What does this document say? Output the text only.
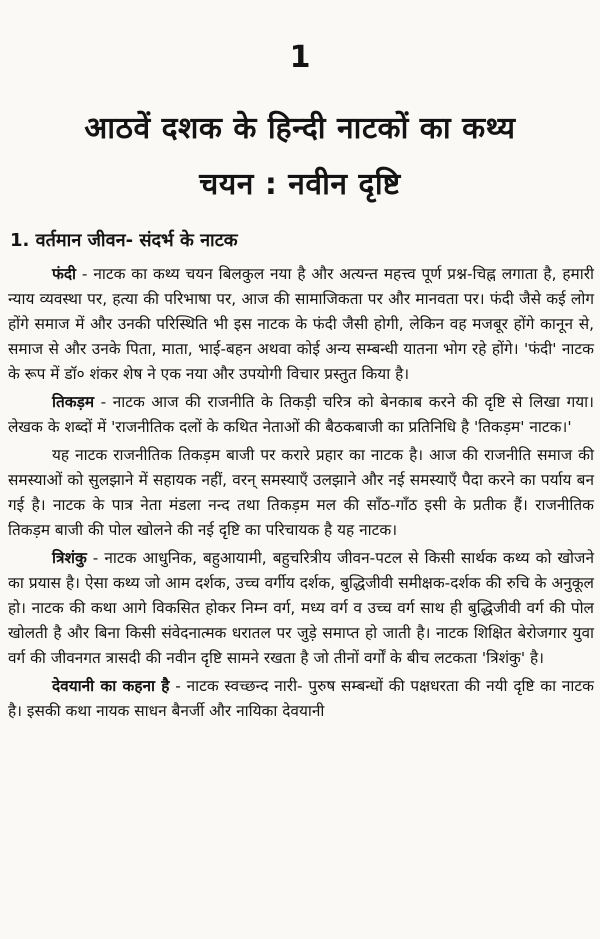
1
आठवें दशक के हिन्दी नाटकों का कथ्य
चयन : नवीन दृष्टि
1. वर्तमान जीवन- संदर्भ के नाटक

फंदी - नाटक का कथ्य चयन बिलकुल नया है और अत्यन्त महत्त्व पूर्ण प्रश्न-चिह्न लगाता है, हमारी न्याय व्यवस्था पर, हत्या की परिभाषा पर, आज की सामाजिकता पर और मानवता पर। फंदी जैसे कई लोग होंगे समाज में और उनकी परिस्थिति भी इस नाटक के फंदी जैसी होगी, लेकिन वह मजबूर होंगे कानून से, समाज से और उनके पिता, माता, भाई-बहन अथवा कोई अन्य सम्बन्धी यातना भोग रहे होंगे। 'फंदी' नाटक के रूप में डॉ० शंकर शेष ने एक नया और उपयोगी विचार प्रस्तुत किया है।

तिकड़म - नाटक आज की राजनीति के तिकड़ी चरित्र को बेनकाब करने की दृष्टि से लिखा गया। लेखक के शब्दों में 'राजनीतिक दलों के कथित नेताओं की बैठकबाजी का प्रतिनिधि है 'तिकड़म' नाटक।'

यह नाटक राजनीतिक तिकड़म बाजी पर करारे प्रहार का नाटक है। आज की राजनीति समाज की समस्याओं को सुलझाने में सहायक नहीं, वरन् समस्याएँ उलझाने और नई समस्याएँ पैदा करने का पर्याय बन गई है। नाटक के पात्र नेता मंडला नन्द तथा तिकड़म मल की साँठ-गाँठ इसी के प्रतीक हैं। राजनीतिक तिकड़म बाजी की पोल खोलने की नई दृष्टि का परिचायक है यह नाटक।

त्रिशंकु - नाटक आधुनिक, बहुआयामी, बहुचरित्रीय जीवन-पटल से किसी सार्थक कथ्य को खोजने का प्रयास है। ऐसा कथ्य जो आम दर्शक, उच्च वर्गीय दर्शक, बुद्धिजीवी समीक्षक-दर्शक की रुचि के अनुकूल हो। नाटक की कथा आगे विकसित होकर निम्न वर्ग, मध्य वर्ग व उच्च वर्ग साथ ही बुद्धिजीवी वर्ग की पोल खोलती है और बिना किसी संवेदनात्मक धरातल पर जुड़े समाप्त हो जाती है। नाटक शिक्षित बेरोजगार युवा वर्ग की जीवनगत त्रासदी की नवीन दृष्टि सामने रखता है जो तीनों वर्गों के बीच लटकता 'त्रिशंकु' है।

देवयानी का कहना है - नाटक स्वच्छन्द नारी- पुरुष सम्बन्धों की पक्षधरता की नयी दृष्टि का नाटक है। इसकी कथा नायक साधन बैनर्जी और नायिका देवयानी
